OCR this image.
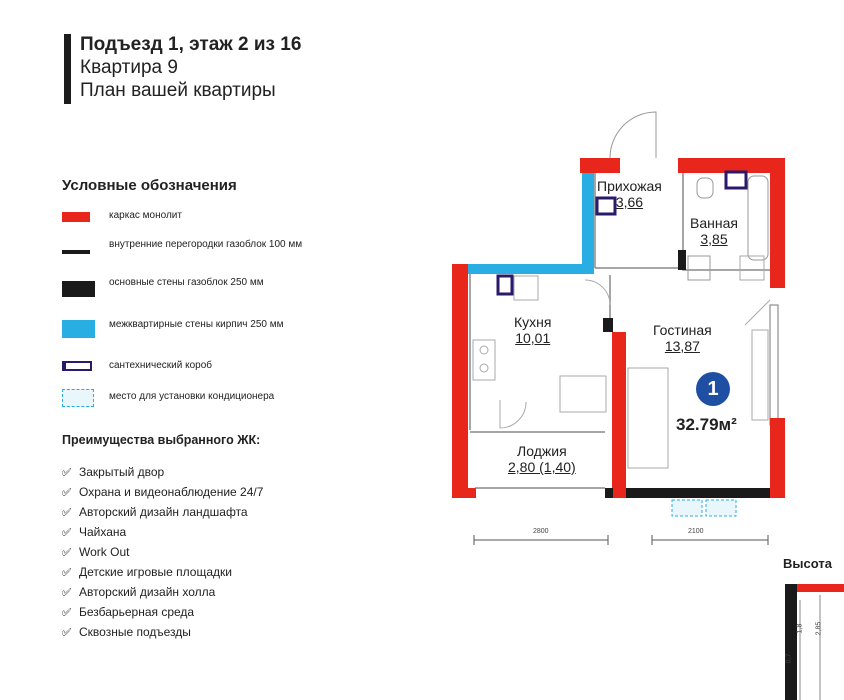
Подъезд 1, этаж 2 из 16
Квартира 9
План вашей квартиры
Условные обозначения
каркас монолит
внутренние перегородки газоблок 100 мм
основные стены газоблок 250 мм
межквартирные стены кирпич 250 мм
сантехнический короб
место для установки кондиционера
Преимущества выбранного ЖК:
✅︎ Закрытый двор
✅︎ Охрана и видеонаблюдение 24/7
✅︎ Авторский дизайн ландшафта
✅︎ Чайхана
✅︎ Work Out
✅︎ Детские игровые площадки
✅︎ Авторский дизайн холла
✅︎ Безбарьерная среда
✅︎ Сквозные подъезды
Прихожая
3,66
Ванная
3,85
Кухня
10,01	Гостиная
13,87
Лоджия
2,80 (1,40)
1
32.79м²
2800	2100
Высота
0,7
1,8 2,85
